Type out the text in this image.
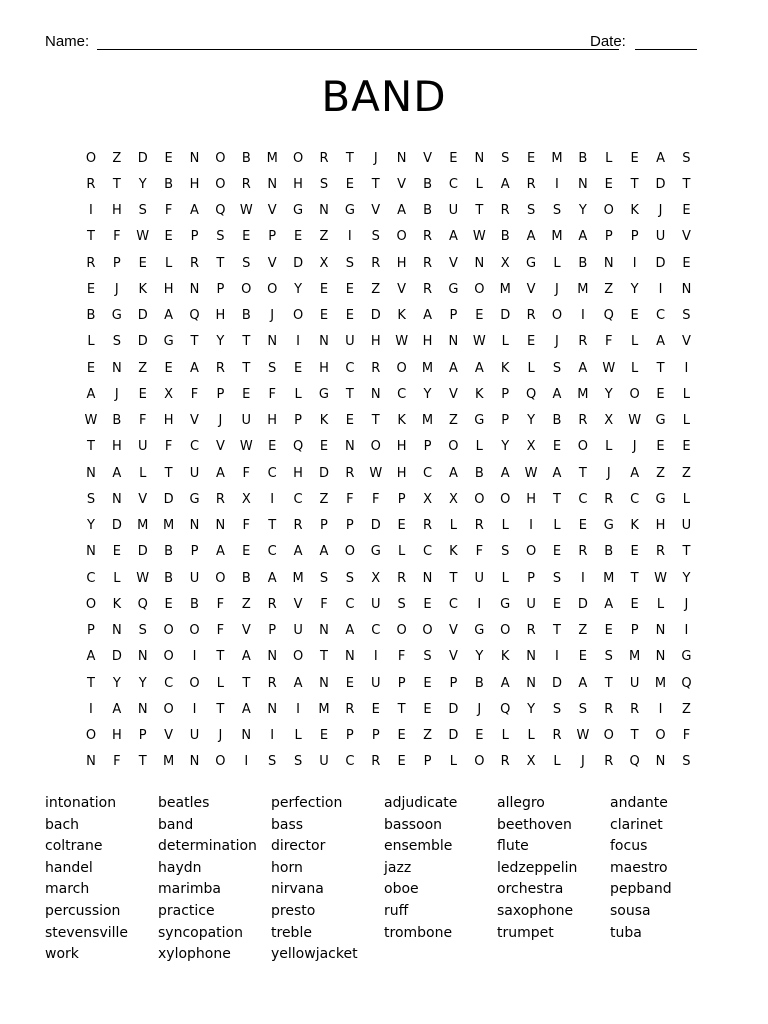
Name:	Date:
BAND
O	Z	D	E	N	O	B	M	O	R	T	J	N	V	E	N	S	E	M	B	L	E	A	S
R	T	Y	B	H	O	R	N	H	S	E	T	V	B	C	L	A	R	I	N	E	T	D	T
I	H	S	F	A	Q	W	V	G	N	G	V	A	B	U	T	R	S	S	Y	O	K	J	E
T	F	W	E	P	S	E	P	E	Z	I	S	O	R	A	W	B	A	M	A	P	P	U	V
R	P	E	L	R	T	S	V	D	X	S	R	H	R	V	N	X	G	L	B	N	I	D	E
E	J	K	H	N	P	O	O	Y	E	E	Z	V	R	G	O	M	V	J	M	Z	Y	I	N
B	G	D	A	Q	H	B	J	O	E	E	D	K	A	P	E	D	R	O	I	Q	E	C	S
L	S	D	G	T	Y	T	N	I	N	U	H	W	H	N	W	L	E	J	R	F	L	A	V
E	N	Z	E	A	R	T	S	E	H	C	R	O	M	A	A	K	L	S	A	W	L	T	I
A	J	E	X	F	P	E	F	L	G	T	N	C	Y	V	K	P	Q	A	M	Y	O	E	L
W	B	F	H	V	J	U	H	P	K	E	T	K	M	Z	G	P	Y	B	R	X	W	G	L
T	H	U	F	C	V	W	E	Q	E	N	O	H	P	O	L	Y	X	E	O	L	J	E	E
N	A	L	T	U	A	F	C	H	D	R	W	H	C	A	B	A	W	A	T	J	A	Z	Z
S	N	V	D	G	R	X	I	C	Z	F	F	P	X	X	O	O	H	T	C	R	C	G	L
Y	D	M	M	N	N	F	T	R	P	P	D	E	R	L	R	L	I	L	E	G	K	H	U
N	E	D	B	P	A	E	C	A	A	O	G	L	C	K	F	S	O	E	R	B	E	R	T
C	L	W	B	U	O	B	A	M	S	S	X	R	N	T	U	L	P	S	I	M	T	W	Y
O	K	Q	E	B	F	Z	R	V	F	C	U	S	E	C	I	G	U	E	D	A	E	L	J
P	N	S	O	O	F	V	P	U	N	A	C	O	O	V	G	O	R	T	Z	E	P	N	I
A	D	N	O	I	T	A	N	O	T	N	I	F	S	V	Y	K	N	I	E	S	M	N	G
T	Y	Y	C	O	L	T	R	A	N	E	U	P	E	P	B	A	N	D	A	T	U	M	Q
I	A	N	O	I	T	A	N	I	M	R	E	T	E	D	J	Q	Y	S	S	R	R	I	Z
O	H	P	V	U	J	N	I	L	E	P	P	E	Z	D	E	L	L	R	W	O	T	O	F
N	F	T	M	N	O	I	S	S	U	C	R	E	P	L	O	R	X	L	J	R	Q	N	S
intonation
bach
coltrane
handel
march
percussion
stevensville
work
beatles
band
determination
haydn
marimba
practice
syncopation
xylophone
perfection
bass
director
horn
nirvana
presto
treble
yellowjacket
adjudicate
bassoon
ensemble
jazz
oboe
ruff
trombone
allegro
beethoven
flute
ledzeppelin
orchestra
saxophone
trumpet
andante
clarinet
focus
maestro
pepband
sousa
tuba
